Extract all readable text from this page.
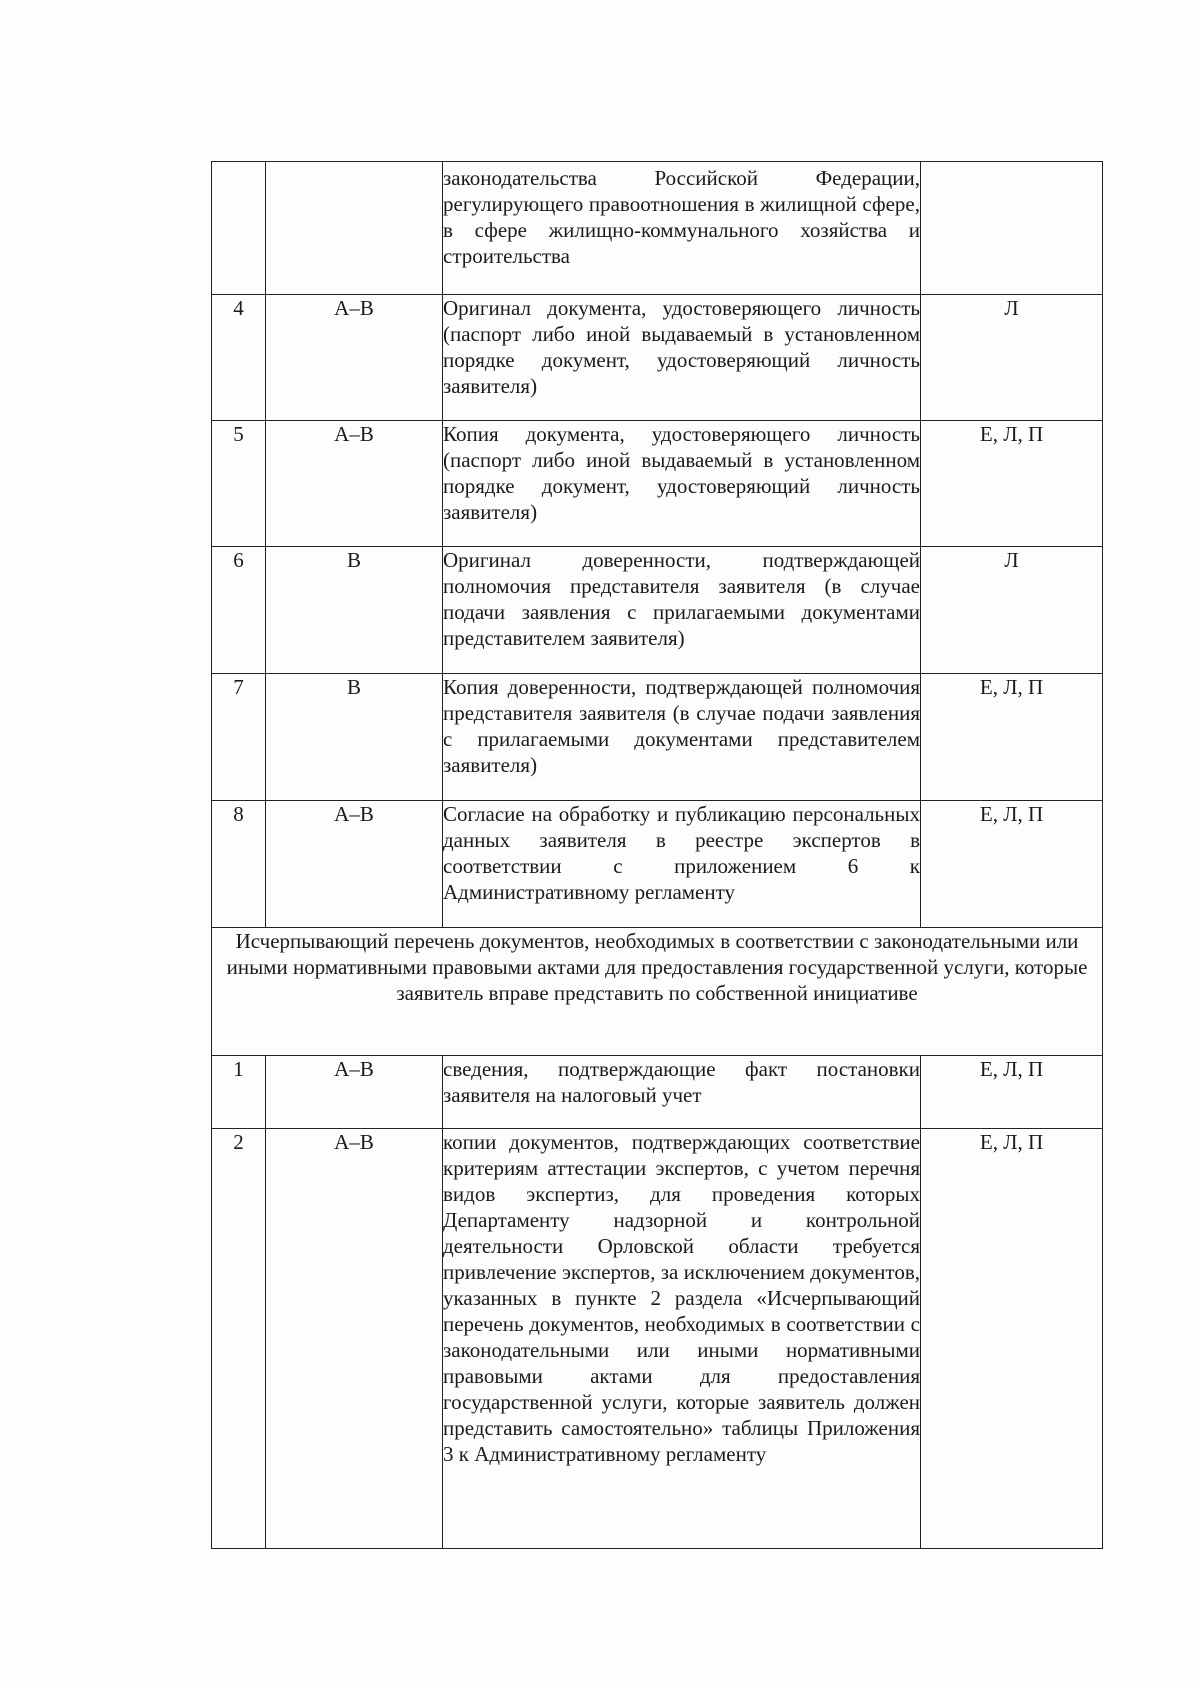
		законодательства Российской Федерации, регулирующего правоотношения в жилищной сфере, в сфере жилищно-коммунального хозяйства и строительства	
4	А–В	Оригинал документа, удостоверяющего личность (паспорт либо иной выдаваемый в установленном порядке документ, удостоверяющий личность заявителя)	Л
5	А–В	Копия документа, удостоверяющего личность (паспорт либо иной выдаваемый в установленном порядке документ, удостоверяющий личность заявителя)	Е, Л, П
6	В	Оригинал доверенности, подтверждающей полномочия представителя заявителя (в случае подачи заявления с прилагаемыми документами представителем заявителя)	Л
7	В	Копия доверенности, подтверждающей полномочия представителя заявителя (в случае подачи заявления с прилагаемыми документами представителем заявителя)	Е, Л, П
8	А–В	Согласие на обработку и публикацию персональных данных заявителя в реестре экспертов в соответствии с приложением 6 к Административному регламенту	Е, Л, П
Исчерпывающий перечень документов, необходимых в соответствии с законодательными или иными нормативными правовыми актами для предоставления государственной услуги, которые заявитель вправе представить по собственной инициативе			
1	А–В	сведения, подтверждающие факт постановки заявителя на налоговый учет	Е, Л, П
2	А–В	копии документов, подтверждающих соответствие критериям аттестации экспертов, с учетом перечня видов экспертиз, для проведения которых Департаменту надзорной и контрольной деятельности Орловской области требуется привлечение экспертов, за исключением документов, указанных в пункте 2 раздела «Исчерпывающий перечень документов, необходимых в соответствии с законодательными или иными нормативными правовыми актами для предоставления государственной услуги, которые заявитель должен представить самостоятельно» таблицы Приложения 3 к Административному регламенту	Е, Л, П
